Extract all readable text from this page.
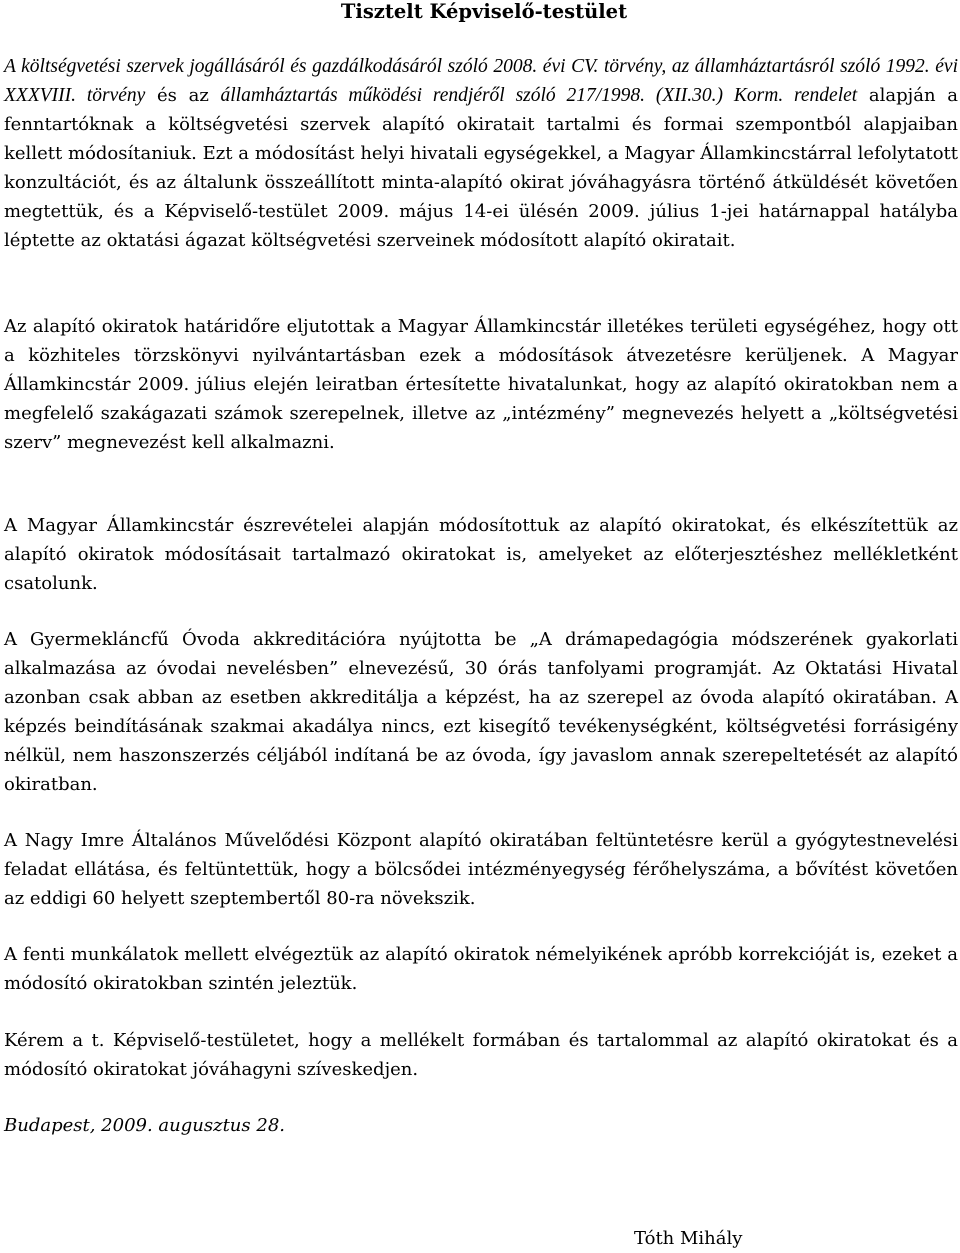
Tisztelt Képviselő-testület

A költségvetési szervek jogállásáról és gazdálkodásáról szóló 2008. évi CV. törvény, az államháztartásról szóló 1992. évi XXXVIII. törvény és az államháztartás működési rendjéről szóló 217/1998. (XII.30.) Korm. rendelet alapján a fenntartóknak a költségvetési szervek alapító okiratait tartalmi és formai szempontból alapjaiban kellett módosítaniuk. Ezt a módosítást helyi hivatali egységekkel, a Magyar Államkincstárral lefolytatott konzultációt, és az általunk összeállított minta-alapító okirat jóváhagyásra történő átküldését követően megtettük, és a Képviselő-testület 2009. május 14-ei ülésén 2009. július 1-jei határnappal hatályba léptette az oktatási ágazat költségvetési szerveinek módosított alapító okiratait.

Az alapító okiratok határidőre eljutottak a Magyar Államkincstár illetékes területi egységéhez, hogy ott a közhiteles törzskönyvi nyilvántartásban ezek a módosítások átvezetésre kerüljenek. A Magyar Államkincstár 2009. július elején leiratban értesítette hivatalunkat, hogy az alapító okiratokban nem a megfelelő szakágazati számok szerepelnek, illetve az „intézmény” megnevezés helyett a „költségvetési szerv” megnevezést kell alkalmazni.

A Magyar Államkincstár észrevételei alapján módosítottuk az alapító okiratokat, és elkészítettük az alapító okiratok módosításait tartalmazó okiratokat is, amelyeket az előterjesztéshez mellékletként csatolunk.

A Gyermekláncfű Óvoda akkreditációra nyújtotta be „A drámapedagógia módszerének gyakorlati alkalmazása az óvodai nevelésben” elnevezésű, 30 órás tanfolyami programját. Az Oktatási Hivatal azonban csak abban az esetben akkreditálja a képzést, ha az szerepel az óvoda alapító okiratában. A képzés beindításának szakmai akadálya nincs, ezt kisegítő tevékenységként, költségvetési forrásigény nélkül, nem haszonszerzés céljából indítaná be az óvoda, így javaslom annak szerepeltetését az alapító okiratban.

A Nagy Imre Általános Művelődési Központ alapító okiratában feltüntetésre kerül a gyógytestnevelési feladat ellátása, és feltüntettük, hogy a bölcsődei intézményegység férőhelyszáma, a bővítést követően az eddigi 60 helyett szeptembertől 80-ra növekszik.

A fenti munkálatok mellett elvégeztük az alapító okiratok némelyikének apróbb korrekcióját is, ezeket a módosító okiratokban szintén jeleztük.

Kérem a t. Képviselő-testületet, hogy a mellékelt formában és tartalommal az alapító okiratokat és a módosító okiratokat jóváhagyni szíveskedjen.

Budapest, 2009. augusztus 28.
Tóth Mihály
